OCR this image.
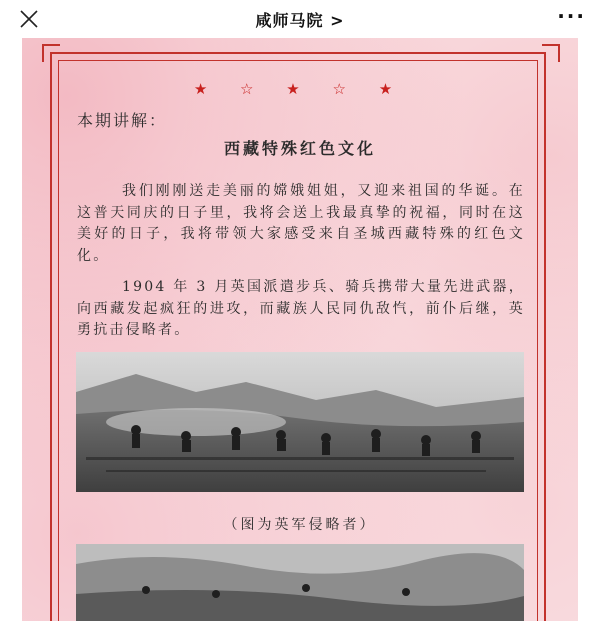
咸师马院 >	···
★ ☆ ★ ☆ ★
本期讲解：
西藏特殊红色文化
我们刚刚送走美丽的嫦娥姐姐，又迎来祖国的华诞。在这普天同庆的日子里，我将会送上我最真挚的祝福，同时在这美好的日子，我将带领大家感受来自圣城西藏特殊的红色文化。
1904 年 3 月英国派遣步兵、骑兵携带大量先进武器，向西藏发起疯狂的进攻，而藏族人民同仇敌忾，前仆后继，英勇抗击侵略者。
（图为英军侵略者）
